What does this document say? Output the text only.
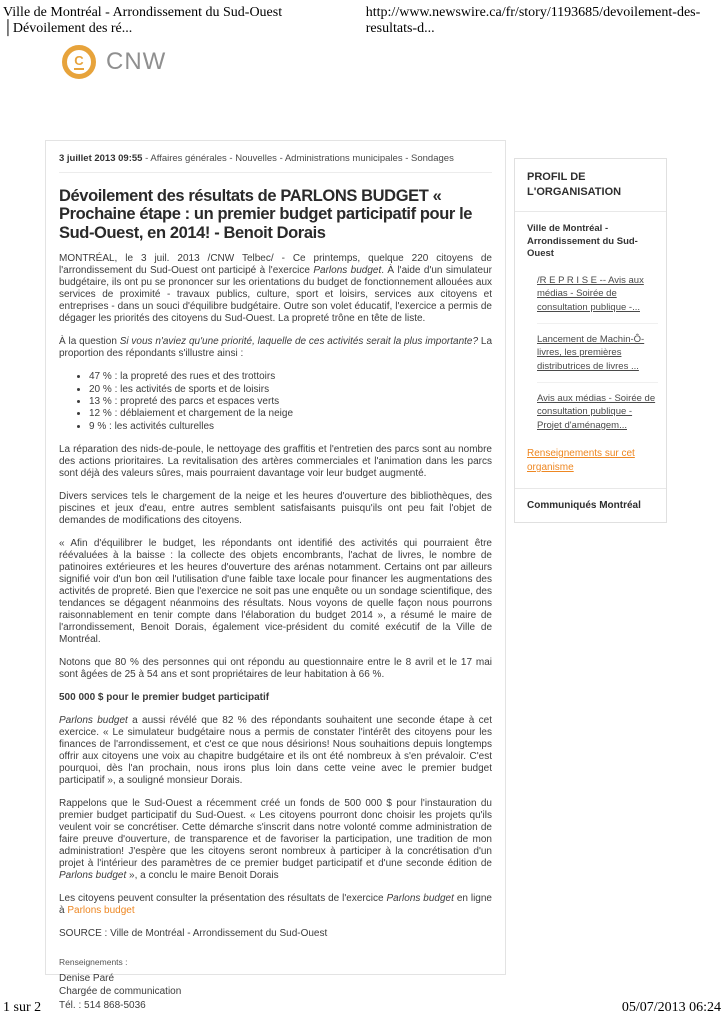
Ville de Montréal - Arrondissement du Sud-Ouest │Dévoilement des ré...
http://www.newswire.ca/fr/story/1193685/devoilement-des-resultats-d...
C CNW
3 juillet 2013 09:55 - Affaires générales - Nouvelles - Administrations municipales - Sondages
Dévoilement des résultats de PARLONS BUDGET « Prochaine étape : un premier budget participatif pour le Sud-Ouest, en 2014! - Benoit Dorais

MONTRÉAL, le 3 juil. 2013 /CNW Telbec/ - Ce printemps, quelque 220 citoyens de l'arrondissement du Sud-Ouest ont participé à l'exercice Parlons budget. À l'aide d'un simulateur budgétaire, ils ont pu se prononcer sur les orientations du budget de fonctionnement allouées aux services de proximité - travaux publics, culture, sport et loisirs, services aux citoyens et entreprises - dans un souci d'équilibre budgétaire. Outre son volet éducatif, l'exercice a permis de dégager les priorités des citoyens du Sud-Ouest. La propreté trône en tête de liste.

À la question Si vous n'aviez qu'une priorité, laquelle de ces activités serait la plus importante? La proportion des répondants s'illustre ainsi :

• 47 % : la propreté des rues et des trottoirs
• 20 % : les activités de sports et de loisirs
• 13 % : propreté des parcs et espaces verts
• 12 % : déblaiement et chargement de la neige
• 9 % : les activités culturelles

La réparation des nids-de-poule, le nettoyage des graffitis et l'entretien des parcs sont au nombre des actions prioritaires. La revitalisation des artères commerciales et l'animation dans les parcs sont déjà des valeurs sûres, mais pourraient davantage voir leur budget augmenté.

Divers services tels le chargement de la neige et les heures d'ouverture des bibliothèques, des piscines et jeux d'eau, entre autres semblent satisfaisants puisqu'ils ont peu fait l'objet de demandes de modifications des citoyens.

« Afin d'équilibrer le budget, les répondants ont identifié des activités qui pourraient être réévaluées à la baisse : la collecte des objets encombrants, l'achat de livres, le nombre de patinoires extérieures et les heures d'ouverture des arénas notamment. Certains ont par ailleurs signifié voir d'un bon œil l'utilisation d'une faible taxe locale pour financer les augmentations des activités de propreté. Bien que l'exercice ne soit pas une enquête ou un sondage scientifique, des tendances se dégagent néanmoins des résultats. Nous voyons de quelle façon nous pourrons raisonnablement en tenir compte dans l'élaboration du budget 2014 », a résumé le maire de l'arrondissement, Benoit Dorais, également vice-président du comité exécutif de la Ville de Montréal.

Notons que 80 % des personnes qui ont répondu au questionnaire entre le 8 avril et le 17 mai sont âgées de 25 à 54 ans et sont propriétaires de leur habitation à 66 %.

500 000 $ pour le premier budget participatif

Parlons budget a aussi révélé que 82 % des répondants souhaitent une seconde étape à cet exercice. « Le simulateur budgétaire nous a permis de constater l'intérêt des citoyens pour les finances de l'arrondissement, et c'est ce que nous désirions! Nous souhaitions depuis longtemps offrir aux citoyens une voix au chapitre budgétaire et ils ont été nombreux à s'en prévaloir. C'est pourquoi, dès l'an prochain, nous irons plus loin dans cette veine avec le premier budget participatif », a souligné monsieur Dorais.

Rappelons que le Sud-Ouest a récemment créé un fonds de 500 000 $ pour l'instauration du premier budget participatif du Sud-Ouest. « Les citoyens pourront donc choisir les projets qu'ils veulent voir se concrétiser. Cette démarche s'inscrit dans notre volonté comme administration de faire preuve d'ouverture, de transparence et de favoriser la participation, une tradition de mon administration! J'espère que les citoyens seront nombreux à participer à la concrétisation d'un projet à l'intérieur des paramètres de ce premier budget participatif et d'une seconde édition de Parlons budget », a conclu le maire Benoit Dorais

Les citoyens peuvent consulter la présentation des résultats de l'exercice Parlons budget en ligne à Parlons budget

SOURCE : Ville de Montréal - Arrondissement du Sud-Ouest

Renseignements :
Denise Paré
Chargée de communication
Tél. : 514 868-5036
PROFIL DE L'ORGANISATION
Ville de Montréal - Arrondissement du Sud-Ouest
/R E P R I S E -- Avis aux médias - Soirée de consultation publique -...
Lancement de Machin-Ô-livres, les premières distributrices de livres ...
Avis aux médias - Soirée de consultation publique - Projet d'aménagem...
Renseignements sur cet organisme
Communiqués Montréal
1 sur 2	05/07/2013 06:24
